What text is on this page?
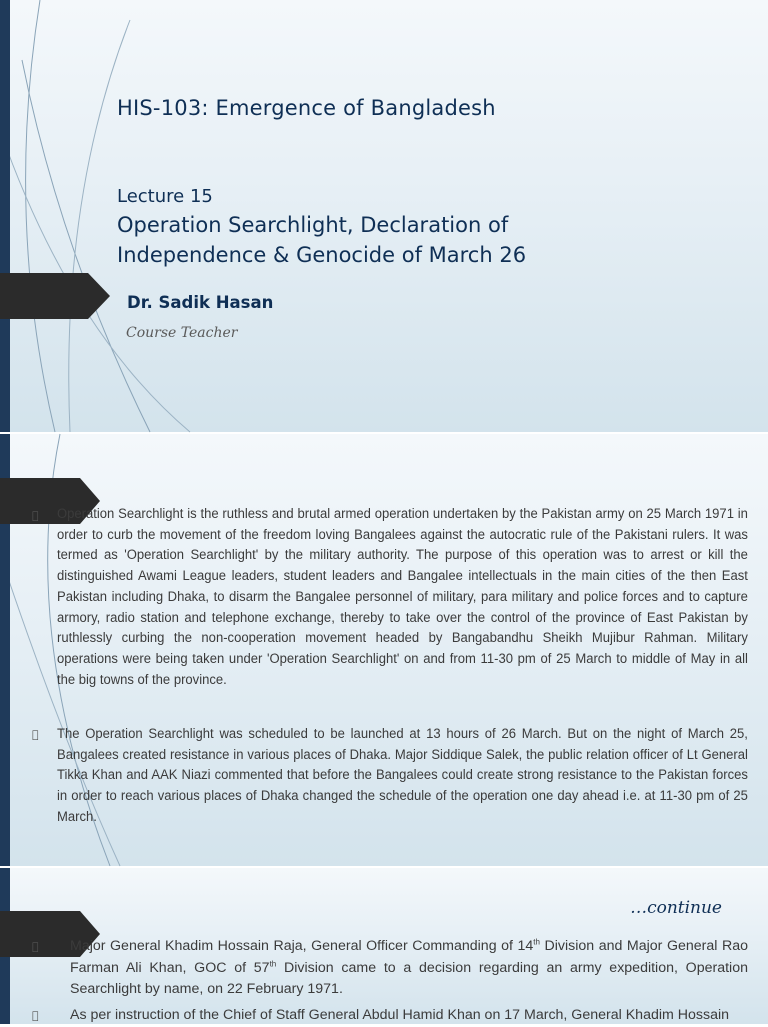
HIS-103: Emergence of Bangladesh
Lecture 15
Operation Searchlight, Declaration of
Independence & Genocide of March 26
Dr. Sadik Hasan
Course Teacher
Operation Searchlight is the ruthless and brutal armed operation undertaken by the Pakistan army on 25 March 1971 in order to curb the movement of the freedom loving Bangalees against the autocratic rule of the Pakistani rulers. It was termed as 'Operation Searchlight' by the military authority. The purpose of this operation was to arrest or kill the distinguished Awami League leaders, student leaders and Bangalee intellectuals in the main cities of the then East Pakistan including Dhaka, to disarm the Bangalee personnel of military, para military and police forces and to capture armory, radio station and telephone exchange, thereby to take over the control of the province of East Pakistan by ruthlessly curbing the non-cooperation movement headed by Bangabandhu Sheikh Mujibur Rahman. Military operations were being taken under 'Operation Searchlight' on and from 11-30 pm of 25 March to middle of May in all the big towns of the province.
The Operation Searchlight was scheduled to be launched at 13 hours of 26 March. But on the night of March 25, Bangalees created resistance in various places of Dhaka. Major Siddique Salek, the public relation officer of Lt General Tikka Khan and AAK Niazi commented that before the Bangalees could create strong resistance to the Pakistan forces in order to reach various places of Dhaka changed the schedule of the operation one day ahead i.e. at 11-30 pm of 25 March.
…continue
Major General Khadim Hossain Raja, General Officer Commanding of 14th Division and Major General Rao Farman Ali Khan, GOC of 57th Division came to a decision regarding an army expedition, Operation Searchlight by name, on 22 February 1971.
As per instruction of the Chief of Staff General Abdul Hamid Khan on 17 March, General Khadim Hossain
